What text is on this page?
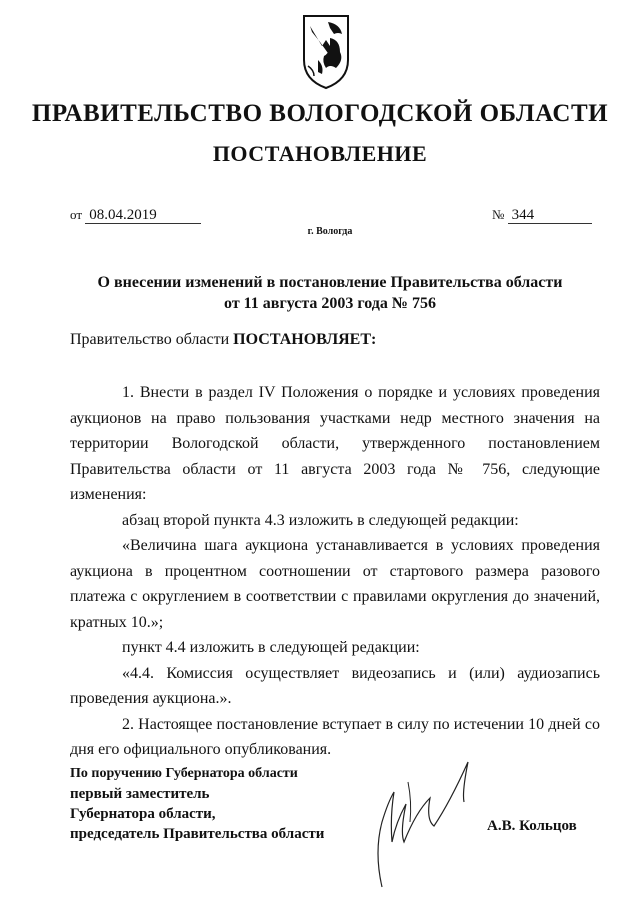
ПРАВИТЕЛЬСТВО ВОЛОГОДСКОЙ ОБЛАСТИ
ПОСТАНОВЛЕНИЕ
от 08.04.2019	№ 344
г. Вологда
О внесении изменений в постановление Правительства области
от 11 августа 2003 года № 756
Правительство области ПОСТАНОВЛЯЕТ:

1. Внести в раздел IV Положения о порядке и условиях проведения аукционов на право пользования участками недр местного значения на территории Вологодской области, утвержденного постановлением Правительства области от 11 августа 2003 года № 756, следующие изменения:

абзац второй пункта 4.3 изложить в следующей редакции:

«Величина шага аукциона устанавливается в условиях проведения аукциона в процентном соотношении от стартового размера разового платежа с округлением в соответствии с правилами округления до значений, кратных 10.»;

пункт 4.4 изложить в следующей редакции:

«4.4. Комиссия осуществляет видеозапись и (или) аудиозапись проведения аукциона.».

2. Настоящее постановление вступает в силу по истечении 10 дней со дня его официального опубликования.

По поручению Губернатора области
первый заместитель
Губернатора области,
председатель Правительства области	А.В. Кольцов
